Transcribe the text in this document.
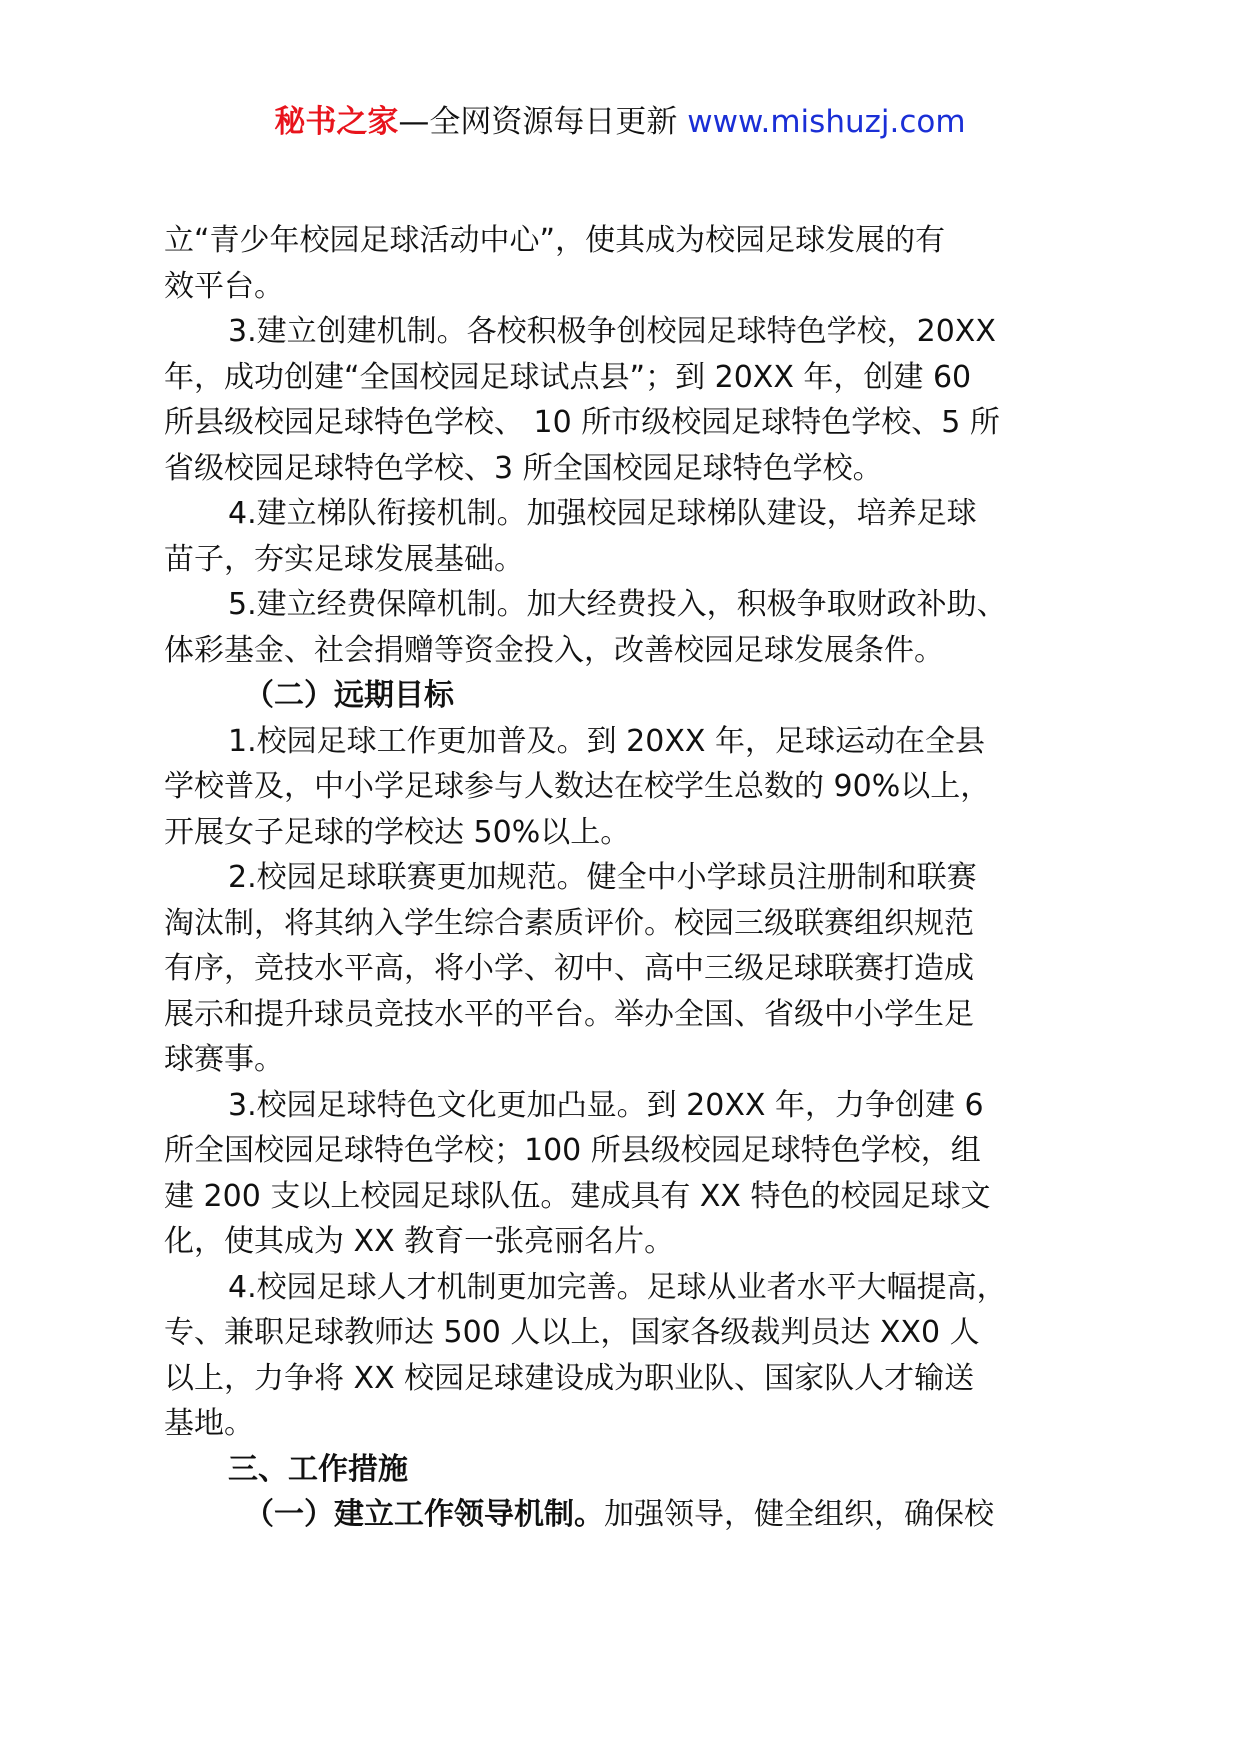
秘书之家—全网资源每日更新 www.mishuzj.com
立“青少年校园足球活动中心”，使其成为校园足球发展的有
效平台。
3.建立创建机制。各校积极争创校园足球特色学校，20XX
年，成功创建“全国校园足球试点县”；到 20XX 年，创建 60
所县级校园足球特色学校、 10 所市级校园足球特色学校、5 所
省级校园足球特色学校、3 所全国校园足球特色学校。
4.建立梯队衔接机制。加强校园足球梯队建设，培养足球
苗子，夯实足球发展基础。
5.建立经费保障机制。加大经费投入，积极争取财政补助、
体彩基金、社会捐赠等资金投入，改善校园足球发展条件。
（二）远期目标
1.校园足球工作更加普及。到 20XX 年，足球运动在全县
学校普及，中小学足球参与人数达在校学生总数的 90%以上，
开展女子足球的学校达 50%以上。
2.校园足球联赛更加规范。健全中小学球员注册制和联赛
淘汰制，将其纳入学生综合素质评价。校园三级联赛组织规范
有序，竞技水平高，将小学、初中、高中三级足球联赛打造成
展示和提升球员竞技水平的平台。举办全国、省级中小学生足
球赛事。
3.校园足球特色文化更加凸显。到 20XX 年，力争创建 6
所全国校园足球特色学校；100 所县级校园足球特色学校，组
建 200 支以上校园足球队伍。建成具有 XX 特色的校园足球文
化，使其成为 XX 教育一张亮丽名片。
4.校园足球人才机制更加完善。足球从业者水平大幅提高，
专、兼职足球教师达 500 人以上，国家各级裁判员达 XX0 人
以上，力争将 XX 校园足球建设成为职业队、国家队人才输送
基地。
三、工作措施
（一）建立工作领导机制。加强领导，健全组织，确保校
